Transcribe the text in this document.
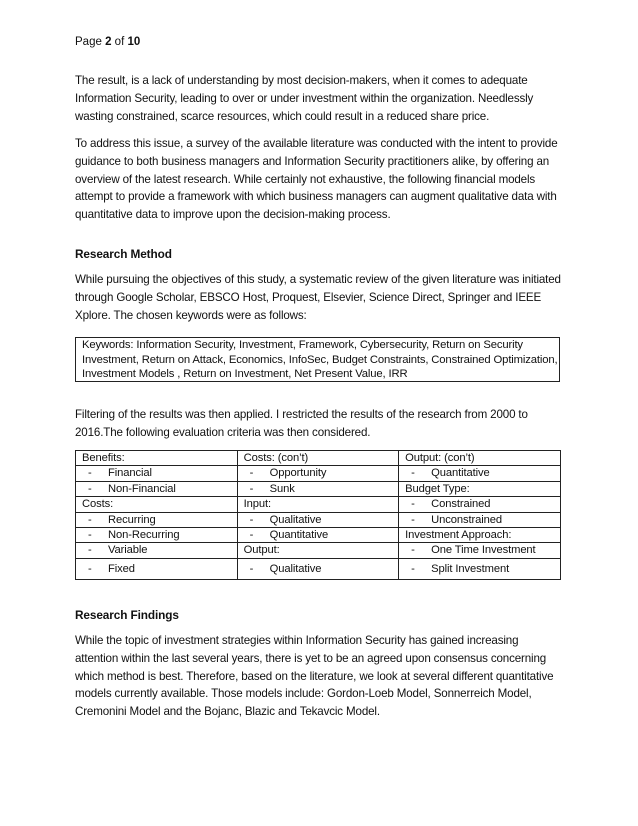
Page 2 of 10
The result, is a lack of understanding by most decision-makers, when it comes to adequate Information Security, leading to over or under investment within the organization. Needlessly wasting constrained, scarce resources, which could result in a reduced share price.
To address this issue, a survey of the available literature was conducted with the intent to provide guidance to both business managers and Information Security practitioners alike, by offering an overview of the latest research. While certainly not exhaustive, the following financial models attempt to provide a framework with which business managers can augment qualitative data with quantitative data to improve upon the decision-making process.
Research Method
While pursuing the objectives of this study, a systematic review of the given literature was initiated through Google Scholar, EBSCO Host, Proquest, Elsevier, Science Direct, Springer and IEEE Xplore. The chosen keywords were as follows:
Keywords: Information Security, Investment, Framework, Cybersecurity, Return on Security Investment, Return on Attack, Economics, InfoSec, Budget Constraints, Constrained Optimization, Investment Models , Return on Investment, Net Present Value, IRR
Filtering of the results was then applied. I restricted the results of the research from 2000 to 2016.The following evaluation criteria was then considered.
Benefits:	Costs: (con’t)	Output: (con’t)
- Financial	- Opportunity	- Quantitative
- Non-Financial	- Sunk	Budget Type:
Costs:	Input:	- Constrained
- Recurring	- Qualitative	- Unconstrained
- Non-Recurring	- Quantitative	Investment Approach:
- Variable	Output:	- One Time Investment
- Fixed	- Qualitative	- Split Investment
Research Findings
While the topic of investment strategies within Information Security has gained increasing attention within the last several years, there is yet to be an agreed upon consensus concerning which method is best. Therefore, based on the literature, we look at several different quantitative models currently available. Those models include: Gordon-Loeb Model, Sonnerreich Model, Cremonini Model and the Bojanc, Blazic and Tekavcic Model.
